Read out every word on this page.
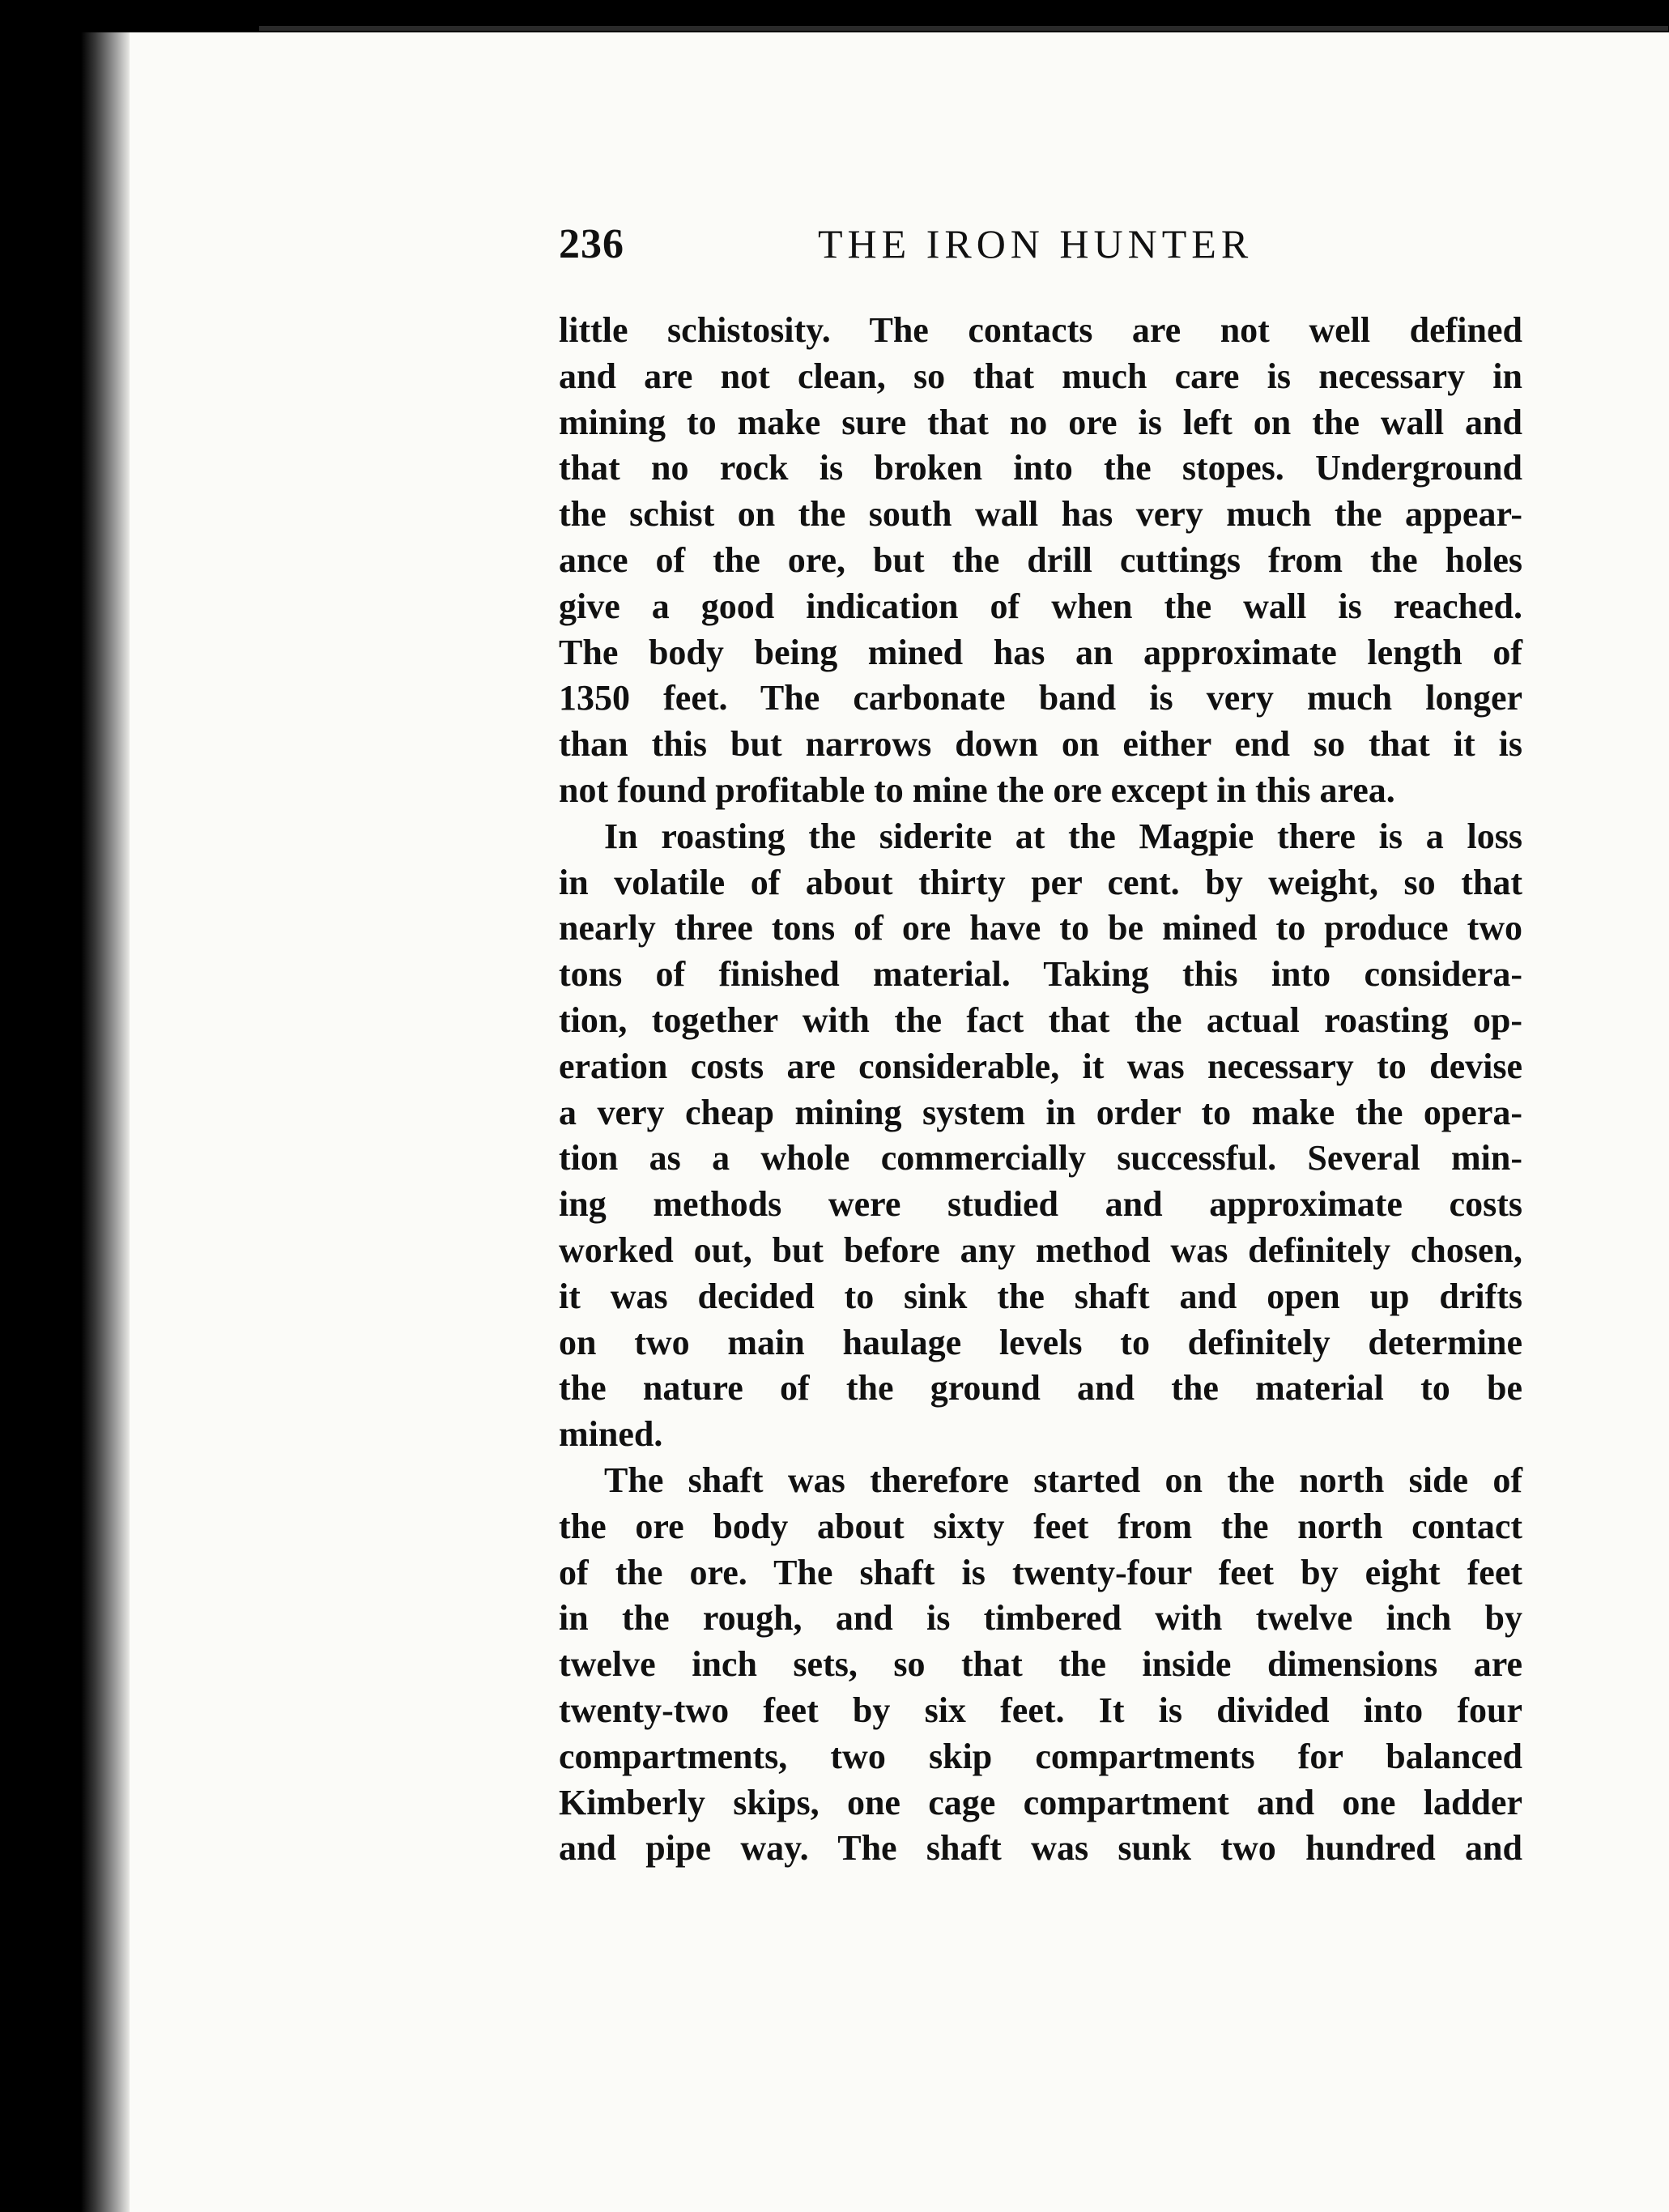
236	THE IRON HUNTER
little schistosity. The contacts are not well defined
and are not clean, so that much care is necessary in
mining to make sure that no ore is left on the wall and
that no rock is broken into the stopes. Underground
the schist on the south wall has very much the appear-
ance of the ore, but the drill cuttings from the holes
give a good indication of when the wall is reached.
The body being mined has an approximate length of
1350 feet. The carbonate band is very much longer
than this but narrows down on either end so that it is
not found profitable to mine the ore except in this area.
In roasting the siderite at the Magpie there is a loss
in volatile of about thirty per cent. by weight, so that
nearly three tons of ore have to be mined to produce two
tons of finished material. Taking this into considera-
tion, together with the fact that the actual roasting op-
eration costs are considerable, it was necessary to devise
a very cheap mining system in order to make the opera-
tion as a whole commercially successful. Several min-
ing methods were studied and approximate costs
worked out, but before any method was definitely chosen,
it was decided to sink the shaft and open up drifts
on two main haulage levels to definitely determine
the nature of the ground and the material to be
mined.
The shaft was therefore started on the north side of
the ore body about sixty feet from the north contact
of the ore. The shaft is twenty-four feet by eight feet
in the rough, and is timbered with twelve inch by
twelve inch sets, so that the inside dimensions are
twenty-two feet by six feet. It is divided into four
compartments, two skip compartments for balanced
Kimberly skips, one cage compartment and one ladder
and pipe way. The shaft was sunk two hundred and
